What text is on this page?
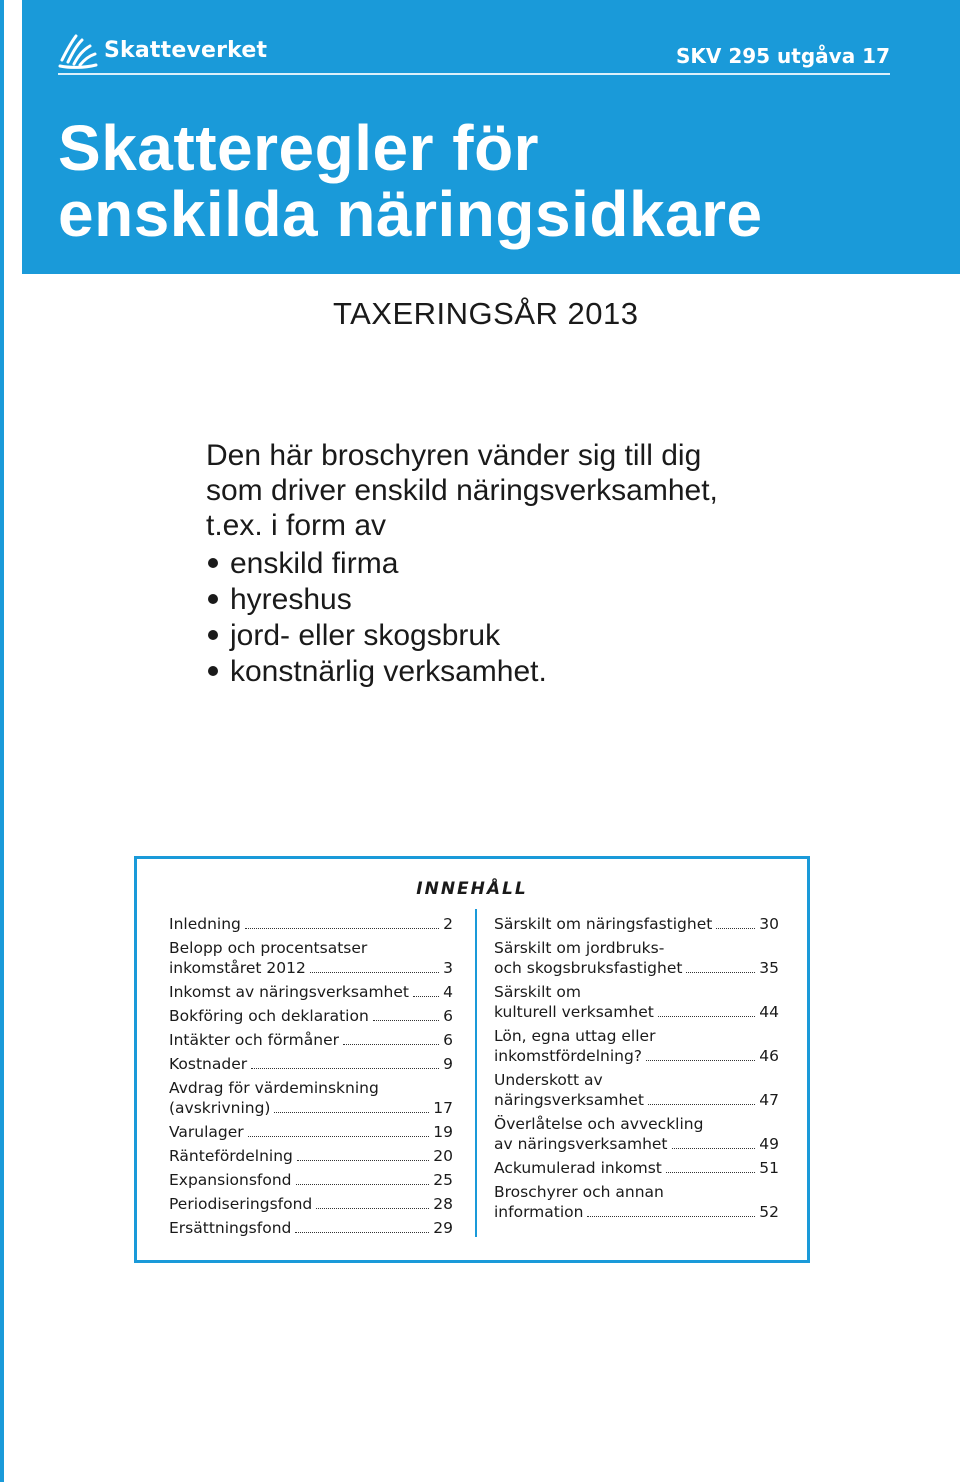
Skatteverket	SKV 295 utgåva 17
Skatteregler för
enskilda näringsidkare
TAXERINGSÅR 2013

Den här broschyren vänder sig till dig

som driver enskild näringsverksamhet,

t.ex. i form av

enskild firma
hyreshus
jord- eller skogsbruk
konstnärlig verksamhet.
INNEHÅLL
Inledning	2
Belopp och procentsatser
inkomståret 2012	3
Inkomst av näringsverksamhet 4
Bokföring och deklaration	6
Intäkter och förmåner	6
Kostnader	9
Avdrag för värdeminskning
(avskrivning)	17
Varulager	19
Räntefördelning	20
Expansionsfond	25
Periodiseringsfond	28
Ersättningsfond	29
Särskilt om näringsfastighet	30
Särskilt om jordbruks-
och skogsbruksfastighet	35
Särskilt om
kulturell verksamhet	44
Lön, egna uttag eller
inkomstfördelning?	46
Underskott av
näringsverksamhet	47
Överlåtelse och avveckling
av näringsverksamhet	49
Ackumulerad inkomst	51
Broschyrer och annan
information	52
